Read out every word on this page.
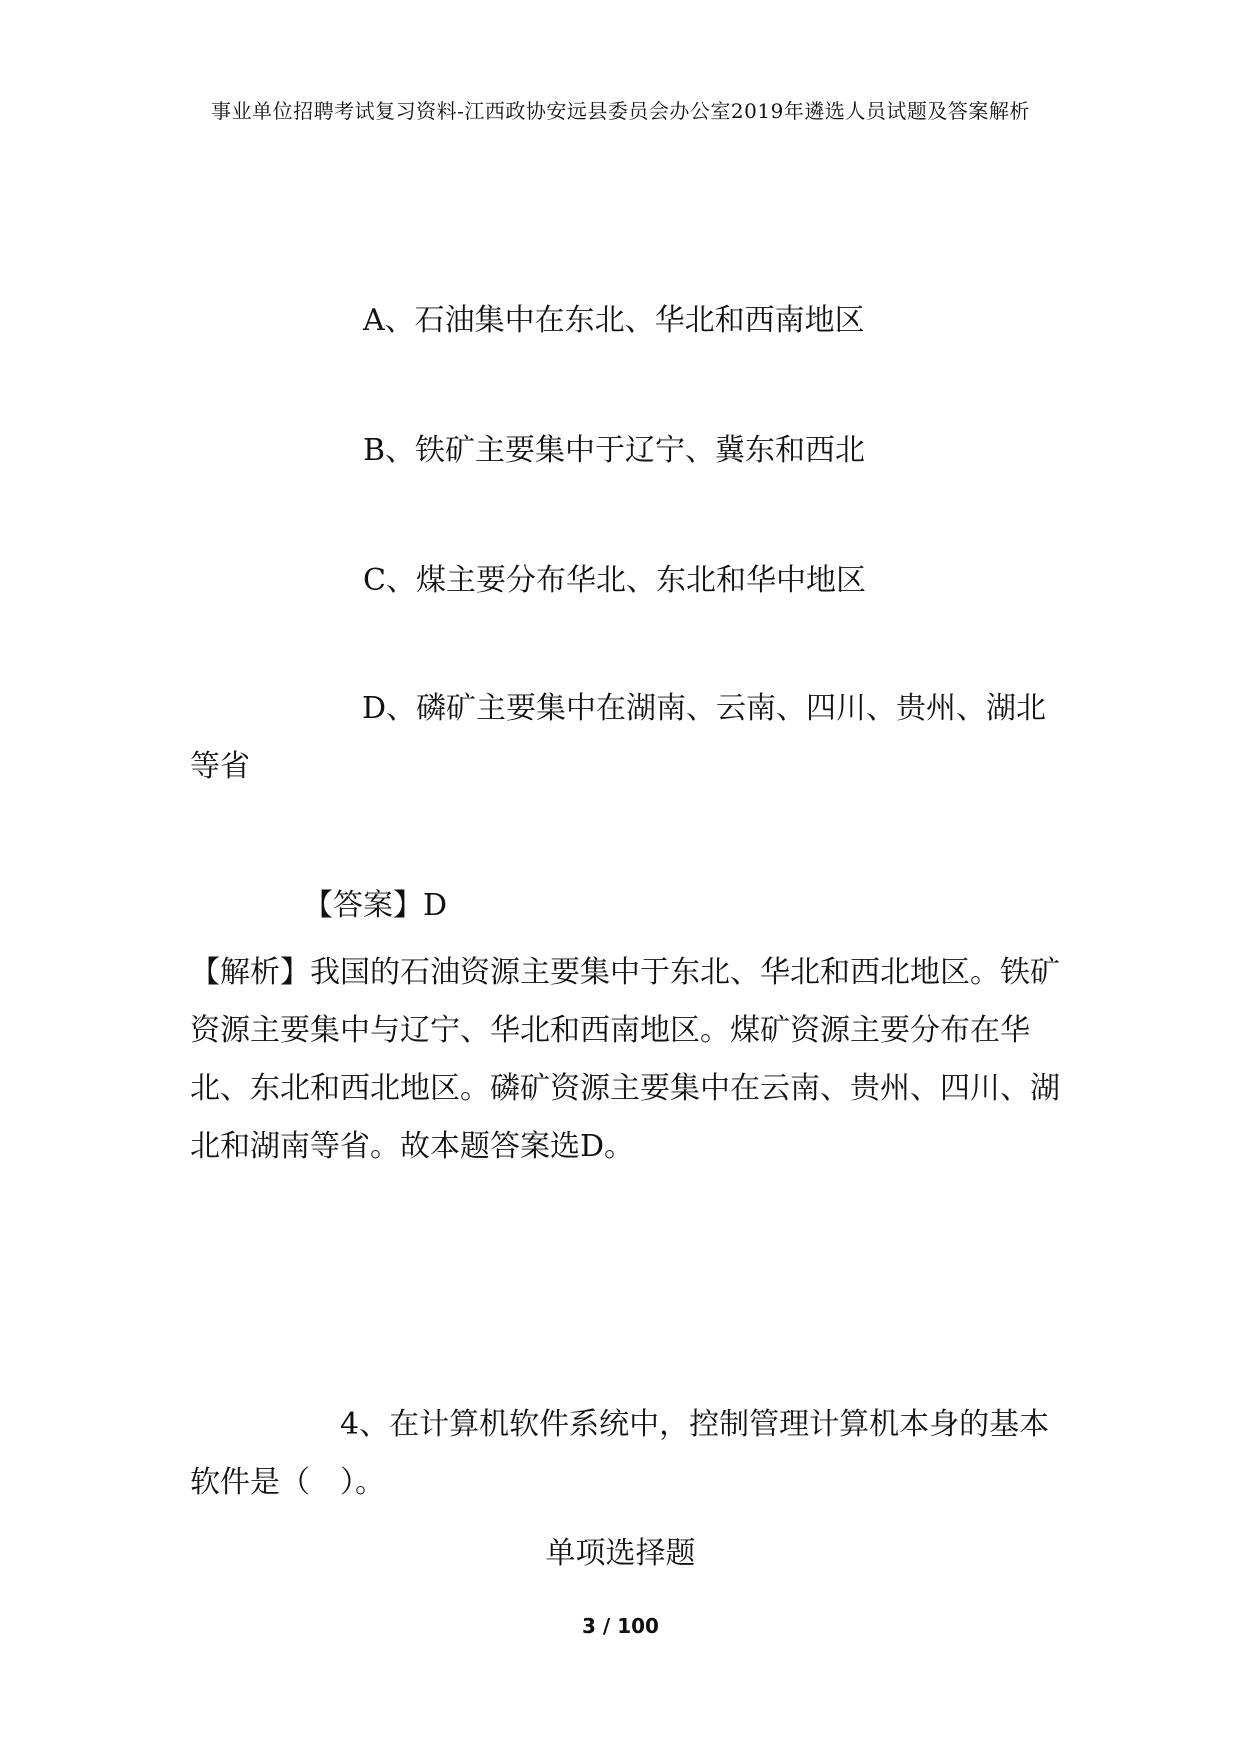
事业单位招聘考试复习资料-江西政协安远县委员会办公室2019年遴选人员试题及答案解析
A、石油集中在东北、华北和西南地区
B、铁矿主要集中于辽宁、冀东和西北
C、煤主要分布华北、东北和华中地区
D、磷矿主要集中在湖南、云南、四川、贵州、湖北等省
【答案】D
【解析】我国的石油资源主要集中于东北、华北和西北地区。铁矿资源主要集中与辽宁、华北和西南地区。煤矿资源主要分布在华北、东北和西北地区。磷矿资源主要集中在云南、贵州、四川、湖北和湖南等省。故本题答案选D。
4、在计算机软件系统中，控制管理计算机本身的基本软件是（　）。
单项选择题
3 / 100
